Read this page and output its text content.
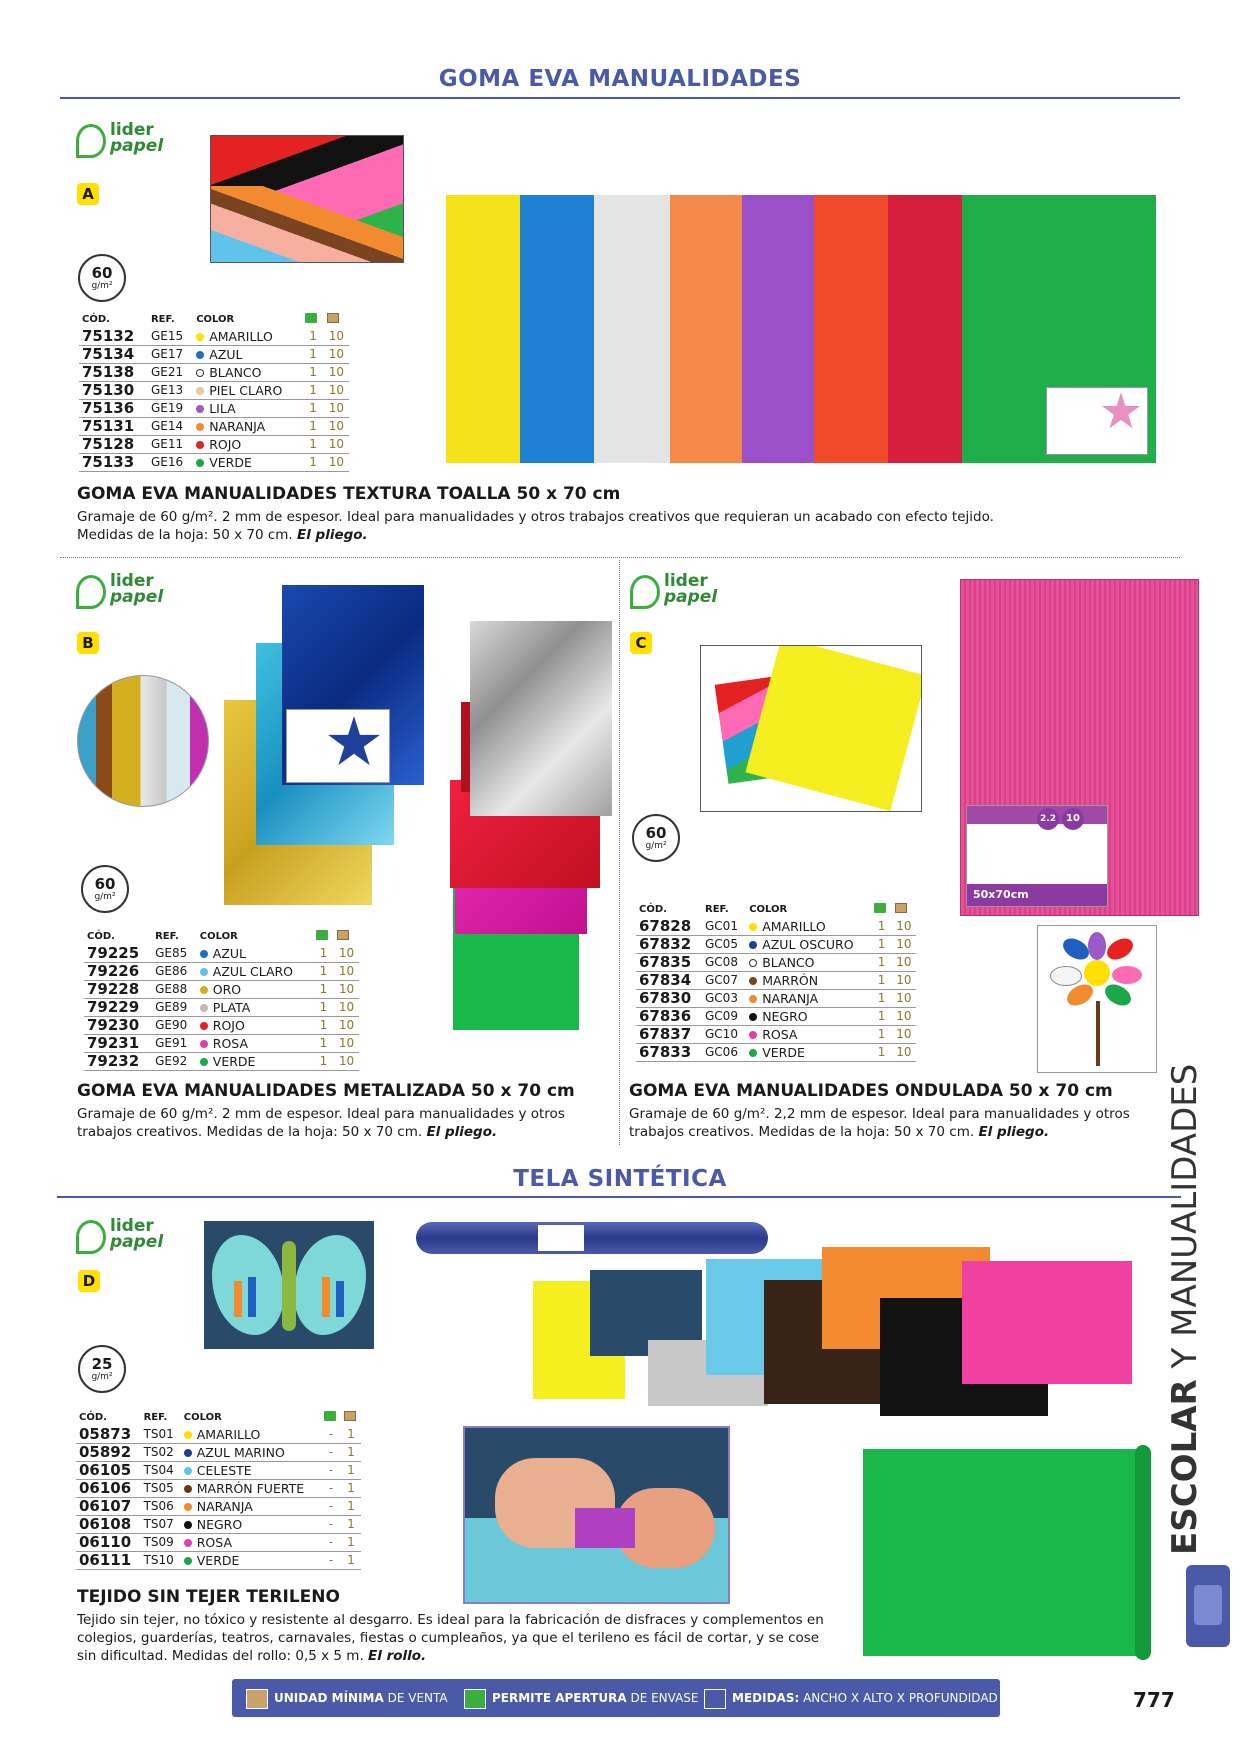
GOMA EVA MANUALIDADES
lider
papel
A
60
g/m²
CÓD.	REF.	COLOR		
75132	GE15	AMARILLO	1	10
75134	GE17	AZUL	1	10
75138	GE21	BLANCO	1	10
75130	GE13	PIEL CLARO	1	10
75136	GE19	LILA	1	10
75131	GE14	NARANJA	1	10
75128	GE11	ROJO	1	10
75133	GE16	VERDE	1	10
GOMA EVA MANUALIDADES TEXTURA TOALLA 50 x 70 cm
Gramaje de 60 g/m². 2 mm de espesor. Ideal para manualidades y otros trabajos creativos que requieran un acabado con efecto tejido.
Medidas de la hoja: 50 x 70 cm. El pliego.
lider
papel
B
60
g/m²
CÓD.	REF.	COLOR		
79225	GE85	AZUL	1	10
79226	GE86	AZUL CLARO	1	10
79228	GE88	ORO	1	10
79229	GE89	PLATA	1	10
79230	GE90	ROJO	1	10
79231	GE91	ROSA	1	10
79232	GE92	VERDE	1	10
GOMA EVA MANUALIDADES METALIZADA 50 x 70 cm
Gramaje de 60 g/m². 2 mm de espesor. Ideal para manualidades y otros
trabajos creativos. Medidas de la hoja: 50 x 70 cm. El pliego.
lider
papel
C
60
g/m²
CÓD.	REF.	COLOR		
67828	GC01	AMARILLO	1	10
67832	GC05	AZUL OSCURO	1	10
67835	GC08	BLANCO	1	10
67834	GC07	MARRÓN	1	10
67830	GC03	NARANJA	1	10
67836	GC09	NEGRO	1	10
67837	GC10	ROSA	1	10
67833	GC06	VERDE	1	10
2.2	10
50x70cm
GOMA EVA MANUALIDADES ONDULADA 50 x 70 cm
Gramaje de 60 g/m². 2,2 mm de espesor. Ideal para manualidades y otros
trabajos creativos. Medidas de la hoja: 50 x 70 cm. El pliego.
TELA SINTÉTICA
lider
papel
D
25
g/m²
CÓD.	REF.	COLOR		
05873	TS01	AMARILLO	-	1
05892	TS02	AZUL MARINO	-	1
06105	TS04	CELESTE	-	1
06106	TS05	MARRÓN FUERTE	-	1
06107	TS06	NARANJA	-	1
06108	TS07	NEGRO	-	1
06110	TS09	ROSA	-	1
06111	TS10	VERDE	-	1
TEJIDO SIN TEJER TERILENO
Tejido sin tejer, no tóxico y resistente al desgarro. Es ideal para la fabricación de disfraces y complementos en
colegios, guarderías, teatros, carnavales, fiestas o cumpleaños, ya que el terileno es fácil de cortar, y se cose
sin dificultad. Medidas del rollo: 0,5 x 5 m. El rollo.
ESCOLAR Y MANUALIDADES
UNIDAD MÍNIMA DE VENTA	PERMITE APERTURA DE ENVASE	MEDIDAS: ANCHO X ALTO X PROFUNDIDAD	777
